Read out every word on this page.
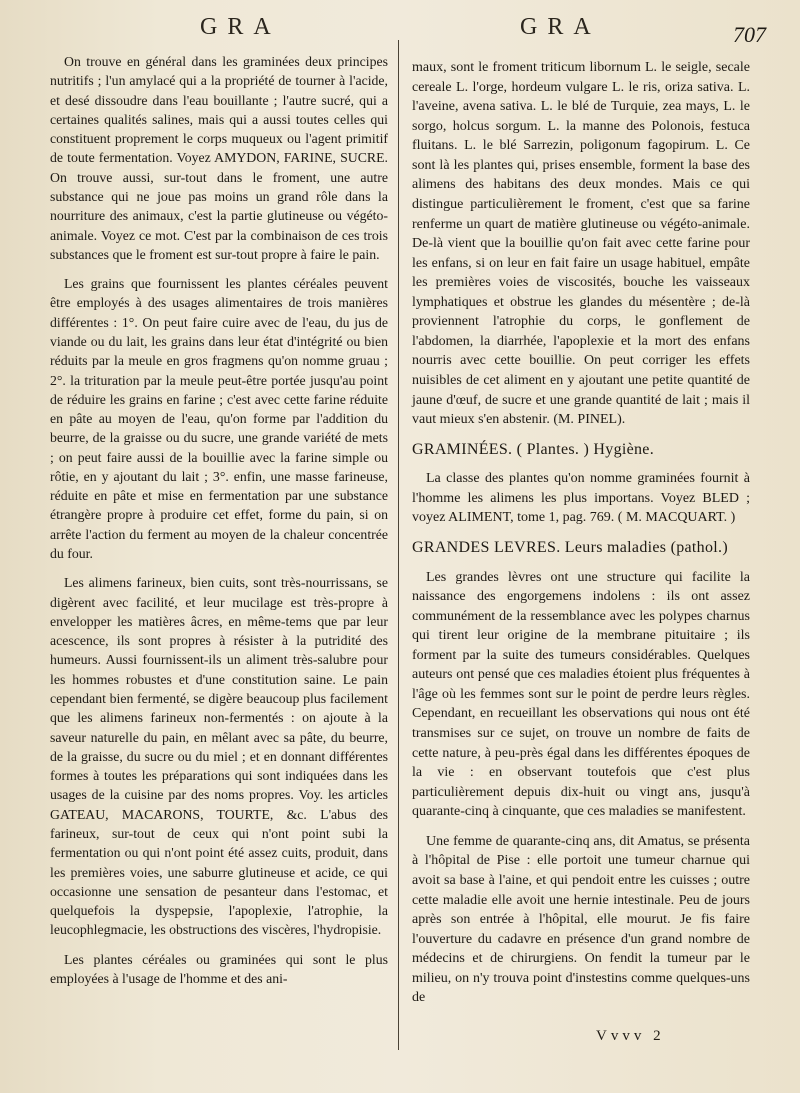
GRA	GRA	707

On trouve en général dans les graminées deux principes nutritifs ; l'un amylacé qui a la propriété de tourner à l'acide, et desé dissoudre dans l'eau bouillante ; l'autre sucré, qui a certaines qualités salines, mais qui a aussi toutes celles qui constituent proprement le corps muqueux ou l'agent primitif de toute fermentation. Voyez AMYDON, FARINE, SUCRE. On trouve aussi, sur-tout dans le froment, une autre substance qui ne joue pas moins un grand rôle dans la nourriture des animaux, c'est la partie glutineuse ou végéto-animale. Voyez ce mot. C'est par la combinaison de ces trois substances que le froment est sur-tout propre à faire le pain.

Les grains que fournissent les plantes céréales peuvent être employés à des usages alimentaires de trois manières différentes : 1°. On peut faire cuire avec de l'eau, du jus de viande ou du lait, les grains dans leur état d'intégrité ou bien réduits par la meule en gros fragmens qu'on nomme gruau ; 2°. la trituration par la meule peut-être portée jusqu'au point de réduire les grains en farine ; c'est avec cette farine réduite en pâte au moyen de l'eau, qu'on forme par l'addition du beurre, de la graisse ou du sucre, une grande variété de mets ; on peut faire aussi de la bouillie avec la farine simple ou rôtie, en y ajoutant du lait ; 3°. enfin, une masse farineuse, réduite en pâte et mise en fermentation par une substance étrangère propre à produire cet effet, forme du pain, si on arrête l'action du ferment au moyen de la chaleur concentrée du four.

Les alimens farineux, bien cuits, sont très-nourrissans, se digèrent avec facilité, et leur mucilage est très-propre à envelopper les matières âcres, en même-tems que par leur acescence, ils sont propres à résister à la putridité des humeurs. Aussi fournissent-ils un aliment très-salubre pour les hommes robustes et d'une constitution saine. Le pain cependant bien fermenté, se digère beaucoup plus facilement que les alimens farineux non-fermentés : on ajoute à la saveur naturelle du pain, en mêlant avec sa pâte, du beurre, de la graisse, du sucre ou du miel ; et en donnant différentes formes à toutes les préparations qui sont indiquées dans les usages de la cuisine par des noms propres. Voy. les articles GATEAU, MACARONS, TOURTE, &c. L'abus des farineux, sur-tout de ceux qui n'ont point subi la fermentation ou qui n'ont point été assez cuits, produit, dans les premières voies, une saburre glutineuse et acide, ce qui occasionne une sensation de pesanteur dans l'estomac, et quelquefois la dyspepsie, l'apoplexie, l'atrophie, la leucophlegmacie, les obstructions des viscères, l'hydropisie.

Les plantes céréales ou graminées qui sont le plus employées à l'usage de l'homme et des ani-

maux, sont le froment triticum libornum L. le seigle, secale cereale L. l'orge, hordeum vulgare L. le ris, oriza sativa. L. l'aveine, avena sativa. L. le blé de Turquie, zea mays, L. le sorgo, holcus sorgum. L. la manne des Polonois, festuca fluitans. L. le blé Sarrezin, poligonum fagopirum. L. Ce sont là les plantes qui, prises ensemble, forment la base des alimens des habitans des deux mondes. Mais ce qui distingue particulièrement le froment, c'est que sa farine renferme un quart de matière glutineuse ou végéto-animale. De-là vient que la bouillie qu'on fait avec cette farine pour les enfans, si on leur en fait faire un usage habituel, empâte les premières voies de viscosités, bouche les vaisseaux lymphatiques et obstrue les glandes du mésentère ; de-là proviennent l'atrophie du corps, le gonflement de l'abdomen, la diarrhée, l'apoplexie et la mort des enfans nourris avec cette bouillie. On peut corriger les effets nuisibles de cet aliment en y ajoutant une petite quantité de jaune d'œuf, de sucre et une grande quantité de lait ; mais il vaut mieux s'en abstenir. (M. PINEL).

GRAMINÉES. ( Plantes. ) Hygiène.

La classe des plantes qu'on nomme graminées fournit à l'homme les alimens les plus importans. Voyez BLED ; voyez ALIMENT, tome 1, pag. 769. ( M. MACQUART. )

GRANDES LEVRES. Leurs maladies (pathol.)

Les grandes lèvres ont une structure qui facilite la naissance des engorgemens indolens : ils ont assez communément de la ressemblance avec les polypes charnus qui tirent leur origine de la membrane pituitaire ; ils forment par la suite des tumeurs considérables. Quelques auteurs ont pensé que ces maladies étoient plus fréquentes à l'âge où les femmes sont sur le point de perdre leurs règles. Cependant, en recueillant les observations qui nous ont été transmises sur ce sujet, on trouve un nombre de faits de cette nature, à peu-près égal dans les différentes époques de la vie : en observant toutefois que c'est plus particulièrement depuis dix-huit ou vingt ans, jusqu'à quarante-cinq à cinquante, que ces maladies se manifestent.

Une femme de quarante-cinq ans, dit Amatus, se présenta à l'hôpital de Pise : elle portoit une tumeur charnue qui avoit sa base à l'aine, et qui pendoit entre les cuisses ; outre cette maladie elle avoit une hernie intestinale. Peu de jours après son entrée à l'hôpital, elle mourut. Je fis faire l'ouverture du cadavre en présence d'un grand nombre de médecins et de chirurgiens. On fendit la tumeur par le milieu, on n'y trouva point d'instestins comme quelques-uns de

Vvvv 2
